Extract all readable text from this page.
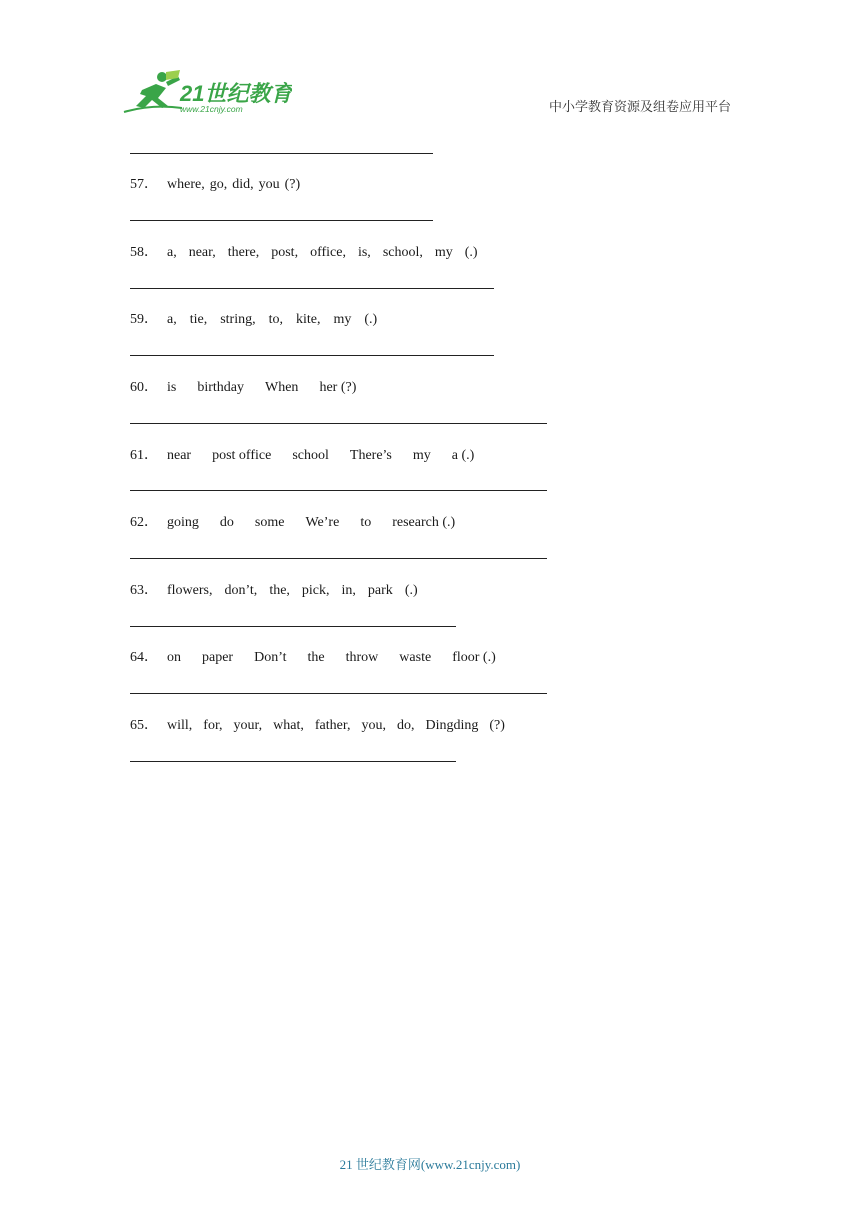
21世纪教育
www.21cnjy.com	中小学教育资源及组卷应用平台
57． where, go, did, you (?)
58． a, near, there, post, office, is, school, my (.)
59． a, tie, string, to, kite, my (.)
60． is birthday When her (?)
61． near post office school There’s my a (.)
62． going do some We’re to research (.)
63． flowers, don’t, the, pick, in, park (.)
64． on paper Don’t the throw waste floor (.)
65． will, for, your, what, father, you, do, Dingding (?)
21 世纪教育网(www.21cnjy.com)
